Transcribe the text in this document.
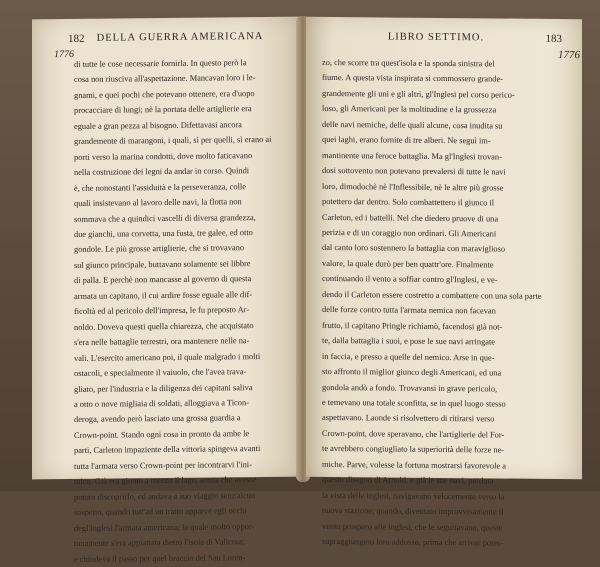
182	DELLA GUERRA AMERICANA
1776
di tutte le cose necessarie fornirla. In questo però la
cosa non riusciva all'aspettazione. Mancavan loro i le-
gnami, e quei pochi che potevano ottenere, era d'uopo
procacciare di lungi; nè la portata delle artiglierie era
eguale a gran pezza al bisogno. Difettavasi ancora
grandemente di marangoni, i quali, sì per quelli, sì erano ai
porti verso la marina condotti, dove molto faticavano
nella costruzione dei legni da andar in corso. Quindi
è, che nonostanti l'assiduità e la perseveranza, colle
quali insistevano al lavoro delle navi, la flotta non
sommava che a quindici vascelli di diversa grandezza,
due gianchi, una corvetta, una fusta, tre galee, ed otto
gondole. Le più grosse artiglierie, che si trovavano
sul giunco principale, buttavano solamente sei libbre
di palla. E perchè non mancasse al governo di questa
armata un capitano, il cui ardire fosse eguale alle dif-
ficoltà ed al pericolo dell'impresa, le fu preposto Ar-
noldo. Doveva questi quella chiarezza, che acquistato
s'era nelle battaglie terrestri, ora mantenere nelle na-
vali. L'esercito americano poi, il quale malgrado i molti
ostacoli, e specialmente il vaiuolo, che l'avea trava-
gliato, per l'industria e la diligenza dei capitani saliva
a otto o nove migliaia di soldati, alloggiava a Ticon-
deroga, avendo però lasciato una grossa guardia a
Crown-point. Stando ogni cosa in pronto da ambe le
parti, Carleton impaziente della vittoria spingeva avanti
tutta l'armata verso Crown-point per incontrarvi l'ini-
mico. Già era giunto a mezzo il lago, senza che avesse
potuto discoprirlo, ed andava a suo viaggio senz'alcun
sospetto, quando tutt'ad un tratto apparve egli occhi
degl'Inglesi l'armata americana, la quale molto oppor-
tunamente s'era appiattata dietro l'isola di Valicour,
e chiudeva il passo per quel braccio del San Loren-
LIBRO SETTIMO.	183
1776
zo, che scorre tra quest'isola e la sponda sinistra del
fiume. A questa vista inspirata si commossero grande-
grandemente gli uni e gli altri, gl'Inglesi pel corso perico-
loso, gli Americani per la moltitudine e la grossezza
delle navi nemiche, delle quali alcune, cosa inudita su
quei laghi, erano fornite di tre alberi. Ne seguì im-
mantinente una feroce battaglia. Ma gl'Inglesi trovan-
dosi sottovento non potevano prevalersi di tutte le navi
loro, dimodochè nè l'Inflessibile, nè le altre più grosse
potettero dar dentro. Solo combattettero il giunco il
Carleton, ed i battelli. Nel che diedero pruove di una
perizia e di un coraggio non ordinari. Gli Americani
dal canto loro sostennero la battaglia con maraviglioso
valore, la quale durò per ben quattr'ore. Finalmente
continuando il vento a soffiar contro gl'Inglesi, e ve-
dendo il Carleton essere costretto a combattere con una sola parte
delle forze contro tutta l'armata nemica non facevan
frutto, il capitano Pringle richiamò, facendosi già not-
te, dalla battaglia i suoi, e pose le sue navi arringate
in faccia, e presso a quelle del nemico. Arse in que-
sto affronto il miglior giunco degli Americani, ed una
gondola andò a fondo. Trovavansi in grave pericolo,
e temevano una totale sconfitta, se in quel luogo stesso
aspettavano. Laonde si risolvettero di ritirarsi verso
Crown-point, dove speravano, che l'artiglierie del For-
te avrebbero congiugliato la superiorità delle forze ne-
miche. Parve, volesse la fortuna mostrarsi favorevole a
questo disegno di Arnold, e già le sue navi, perduta
la vista delle inglesi, navigavano velocemente verso la
nuova stazione; quando, diventato improvvisamente il
vento prospero alle inglesi, che le seguitavano, queste
sopraggiungero loro addosso, prima che arrivar potes-
